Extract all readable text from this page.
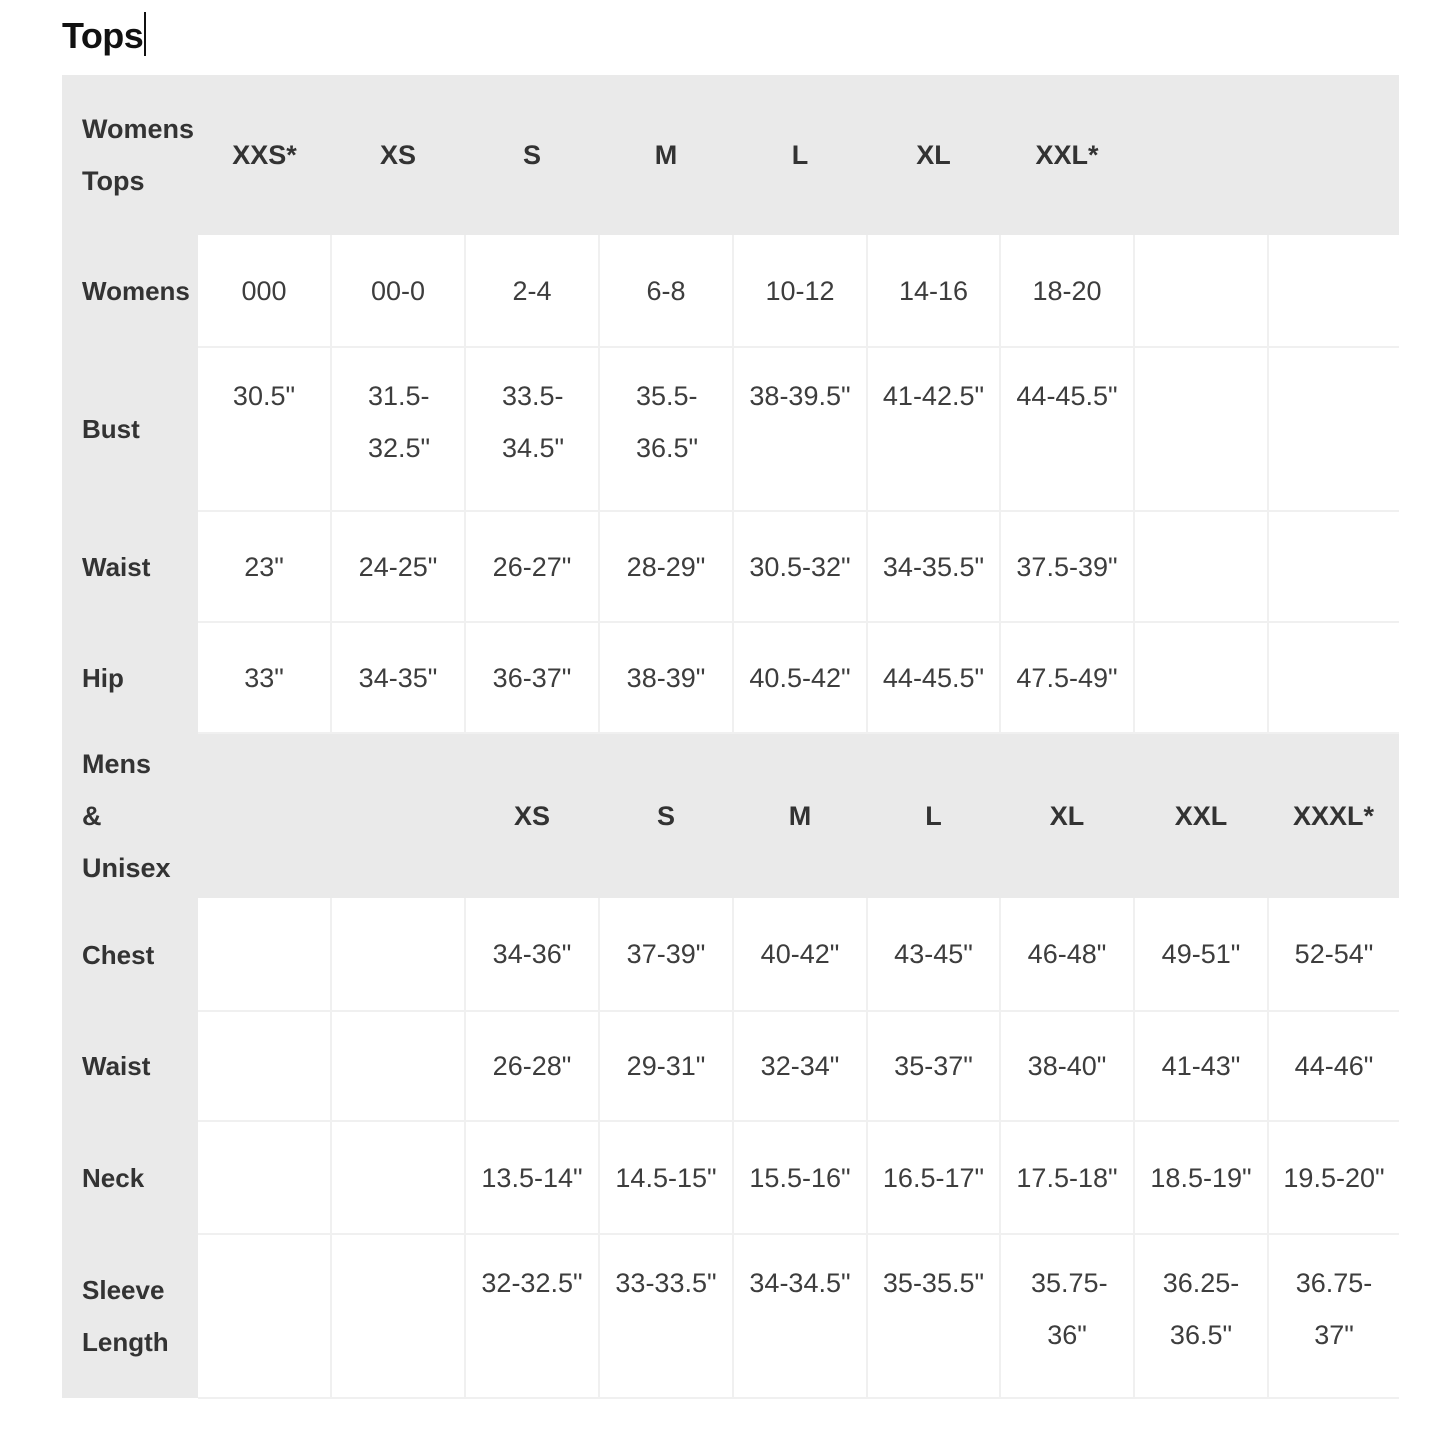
Tops
Womens Tops	XXS*	XS	S	M	L	XL	XXL*		
Womens	000	00-0	2-4	6-8	10-12	14-16	18-20		
Bust	30.5"	31.5-32.5"	33.5-34.5"	35.5-36.5"	38-39.5"	41-42.5"	44-45.5"		
Waist	23"	24-25"	26-27"	28-29"	30.5-32"	34-35.5"	37.5-39"		
Hip	33"	34-35"	36-37"	38-39"	40.5-42"	44-45.5"	47.5-49"		
Mens & Unisex			XS	S	M	L	XL	XXL	XXXL*
Chest			34-36"	37-39"	40-42"	43-45"	46-48"	49-51"	52-54"
Waist			26-28"	29-31"	32-34"	35-37"	38-40"	41-43"	44-46"
Neck			13.5-14"	14.5-15"	15.5-16"	16.5-17"	17.5-18"	18.5-19"	19.5-20"
Sleeve Length			32-32.5"	33-33.5"	34-34.5"	35-35.5"	35.75-36"	36.25-36.5"	36.75-37"
